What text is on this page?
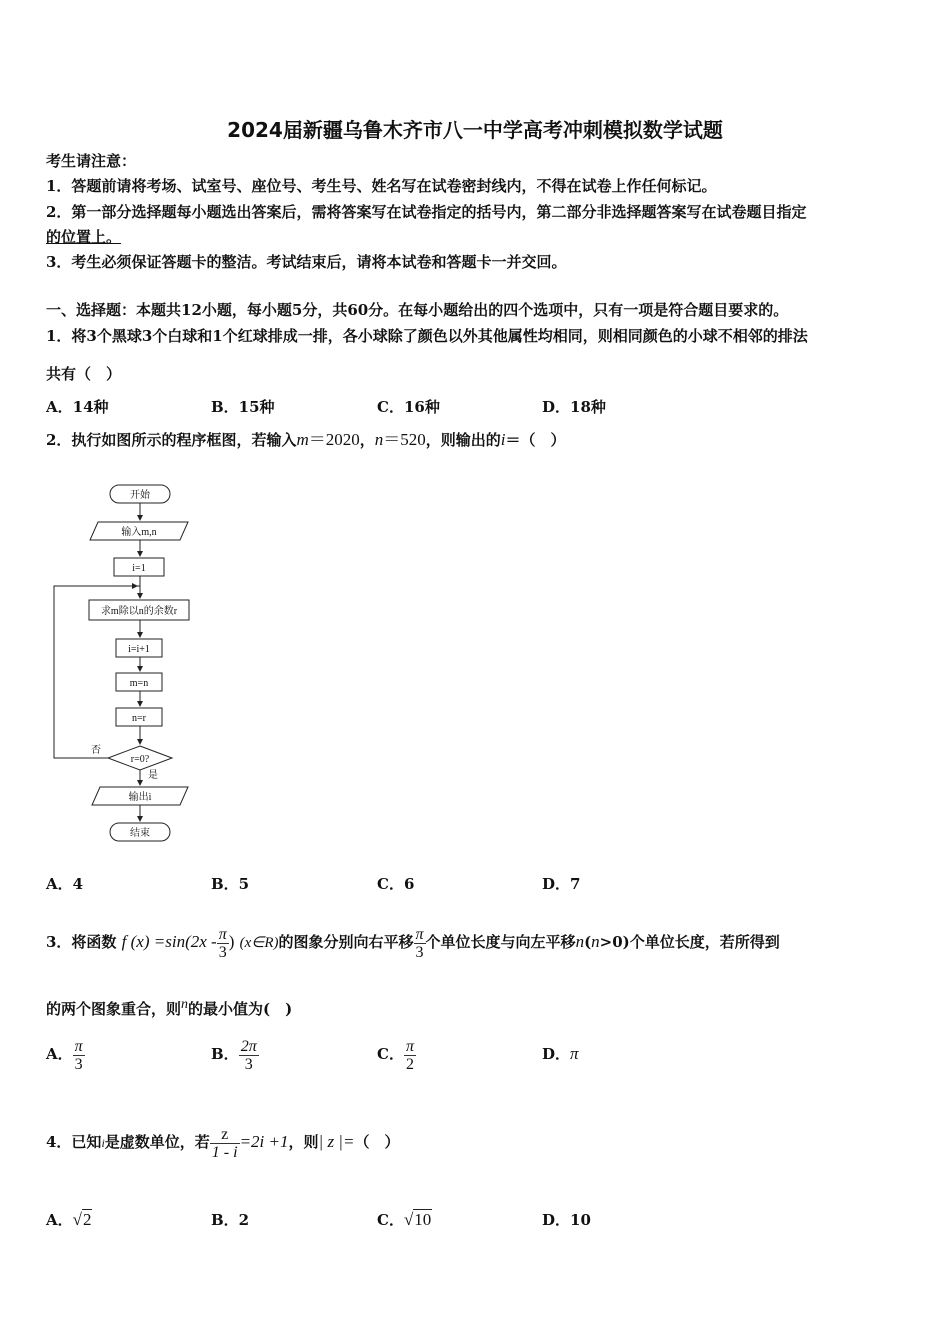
2024届新疆乌鲁木齐市八一中学高考冲刺模拟数学试题
考生请注意：
1．答题前请将考场、试室号、座位号、考生号、姓名写在试卷密封线内，不得在试卷上作任何标记。
2．第一部分选择题每小题选出答案后，需将答案写在试卷指定的括号内，第二部分非选择题答案写在试卷题目指定
的位置上。
3．考生必须保证答题卡的整洁。考试结束后，请将本试卷和答题卡一并交回。
一、选择题：本题共12小题，每小题5分，共60分。在每小题给出的四个选项中，只有一项是符合题目要求的。
1．将3个黑球3个白球和1个红球排成一排，各小球除了颜色以外其他属性均相同，则相同颜色的小球不相邻的排法
共有（　）
A．14种	B．15种	C．16种	D．18种
2．执行如图所示的程序框图，若输入m＝2020，n＝520，则输出的i＝（　）
开始
输入m,n
i=1
求m除以n的余数r
i=i+1
m=n
n=r
r=0?
否
是
输出i
结束
A．4	B．5	C．6	D．7
3．将函数 f $(x) =\sin(2x - \frac{\pi}{3}$ ) (x∈R)的图象分别向右平移 $\frac{\pi}{3}$ 个单位长度与向左平移n(n>0)个单位长度，若所得到
的两个图象重合，则$^n$的最小值为(　)
A． $\frac{\pi}{3}$	B． $\frac{2\pi}{3}$	C． $\frac{\pi}{2}$	D．π
4．已知i是虚数单位，若 $\frac{z}{1 - i} =2i +1$，则| z |=（　）
A．√2	B．2	C．√10	D．10
